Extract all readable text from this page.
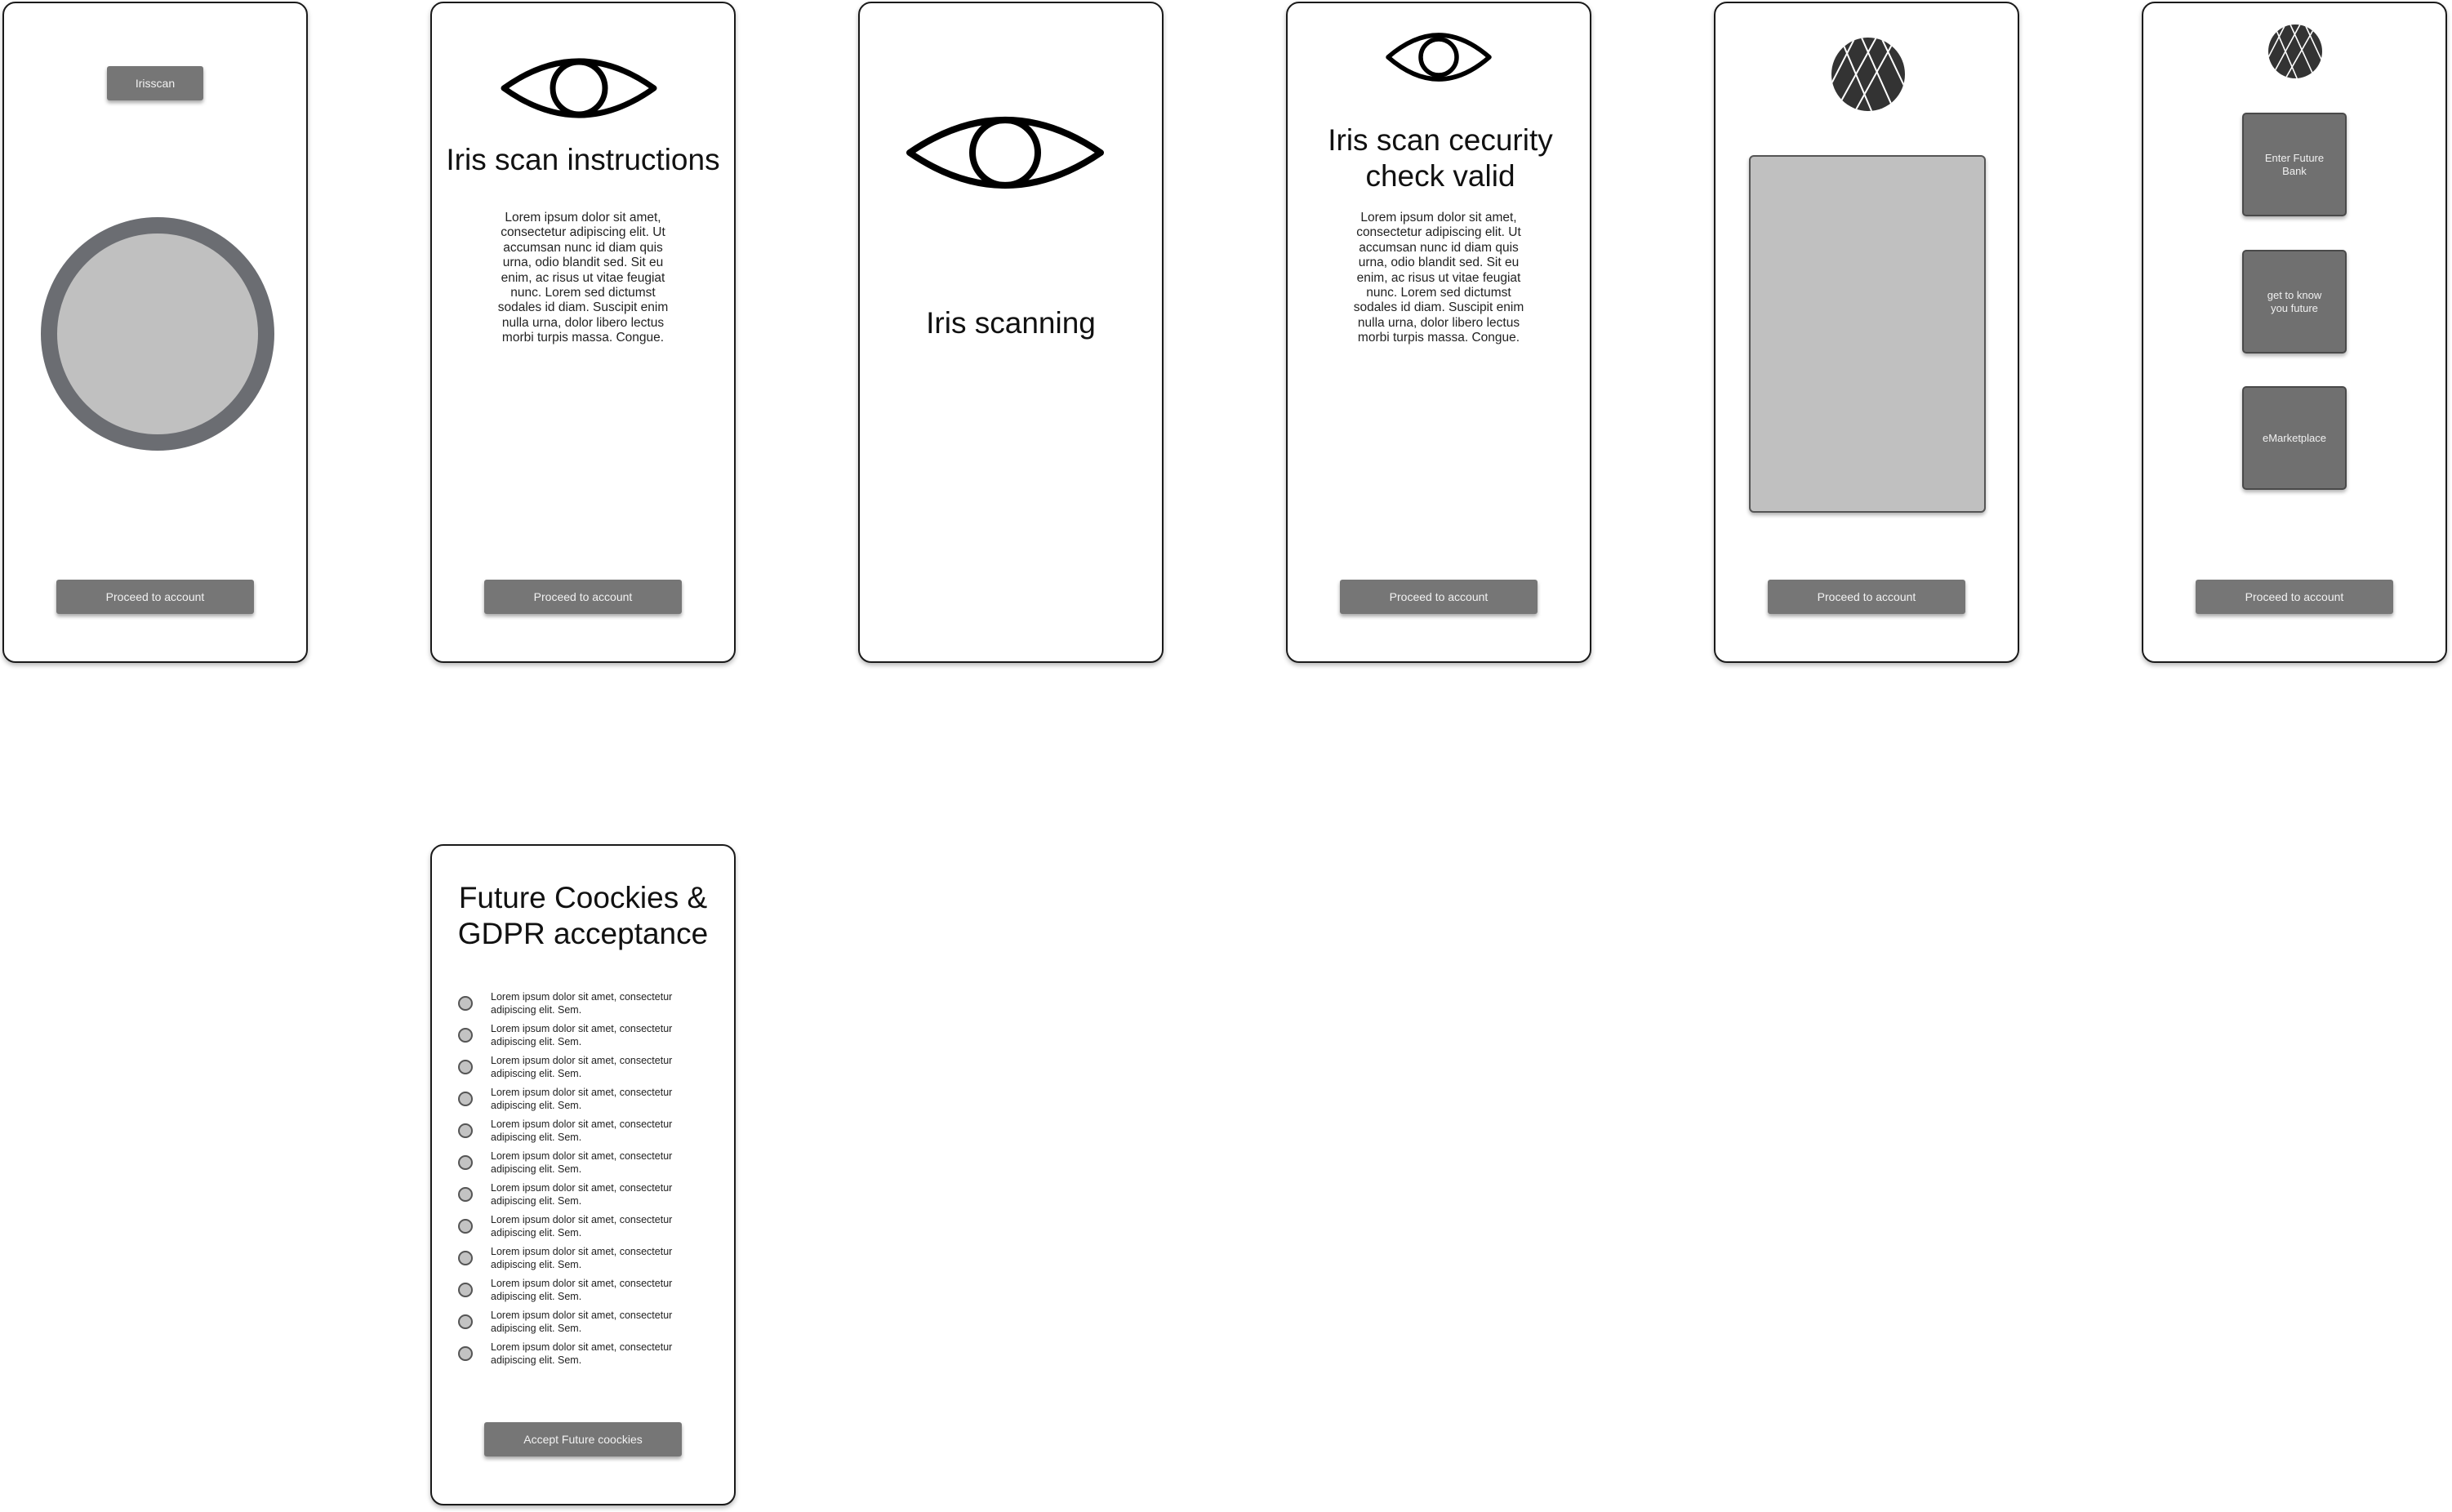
Irisscan
Proceed to account
Iris scan instructions
Lorem ipsum dolor sit amet, consectetur adipiscing elit. Ut accumsan nunc id diam quis urna, odio blandit sed. Sit eu enim, ac risus ut vitae feugiat nunc. Lorem sed dictumst sodales id diam. Suscipit enim nulla urna, dolor libero lectus morbi turpis massa. Congue.
Proceed to account
Iris scanning
Iris scan cecurity check valid
Lorem ipsum dolor sit amet, consectetur adipiscing elit. Ut accumsan nunc id diam quis urna, odio blandit sed. Sit eu enim, ac risus ut vitae feugiat nunc. Lorem sed dictumst sodales id diam. Suscipit enim nulla urna, dolor libero lectus morbi turpis massa. Congue.
Proceed to account	Proceed to account
Enter Future Bank
get to know you future
eMarketplace
Proceed to account
Future Coockies & GDPR acceptance
Accept Future coockies
Lorem ipsum dolor sit amet, consectetur adipiscing elit. Sem.
Lorem ipsum dolor sit amet, consectetur adipiscing elit. Sem.
Lorem ipsum dolor sit amet, consectetur adipiscing elit. Sem.
Lorem ipsum dolor sit amet, consectetur adipiscing elit. Sem.
Lorem ipsum dolor sit amet, consectetur adipiscing elit. Sem.
Lorem ipsum dolor sit amet, consectetur adipiscing elit. Sem.
Lorem ipsum dolor sit amet, consectetur adipiscing elit. Sem.
Lorem ipsum dolor sit amet, consectetur adipiscing elit. Sem.
Lorem ipsum dolor sit amet, consectetur adipiscing elit. Sem.
Lorem ipsum dolor sit amet, consectetur adipiscing elit. Sem.
Lorem ipsum dolor sit amet, consectetur adipiscing elit. Sem.
Lorem ipsum dolor sit amet, consectetur adipiscing elit. Sem.
